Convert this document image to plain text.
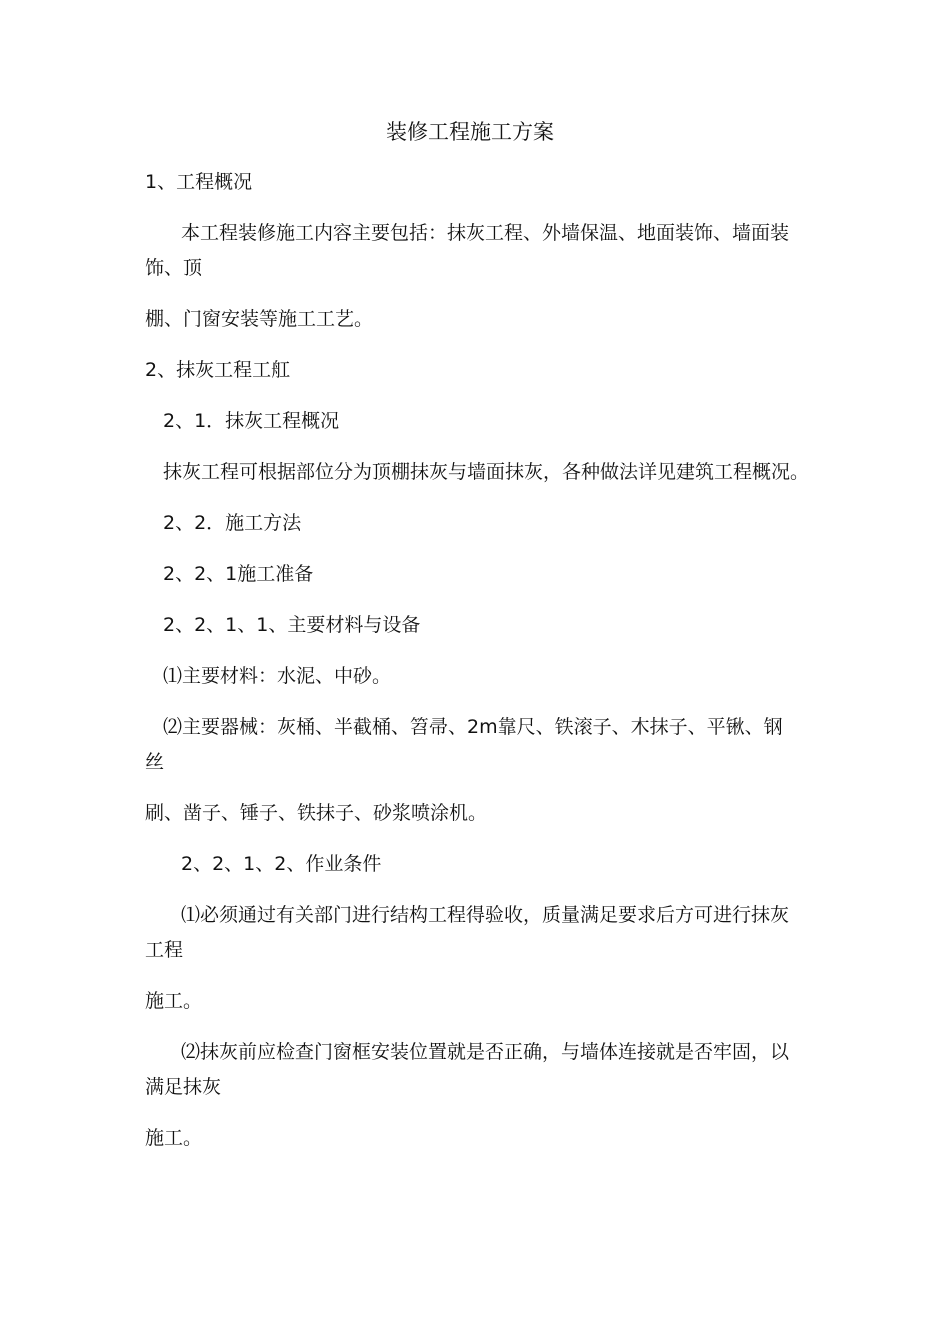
装修工程施工方案
1、工程概况
本工程装修施工内容主要包括：抹灰工程、外墙保温、地面装饰、墙面装
饰、顶
棚、门窗安装等施工工艺。
2、抹灰工程工舡
2、1．抹灰工程概况
抹灰工程可根据部位分为顶棚抹灰与墙面抹灰，各种做法详见建筑工程概况。
2、2．施工方法
2、2、1施工准备
2、2、1、1、主要材料与设备
⑴主要材料：水泥、中砂。
⑵主要器械：灰桶、半截桶、笤帚、2m靠尺、铁滚子、木抹子、平锹、钢
丝
刷、凿子、锤子、铁抹子、砂浆喷涂机。
2、2、1、2、作业条件
⑴必须通过有关部门进行结构工程得验收，质量满足要求后方可进行抹灰
工程
施工。
⑵抹灰前应检查门窗框安装位置就是否正确，与墙体连接就是否牢固，以
满足抹灰
施工。
